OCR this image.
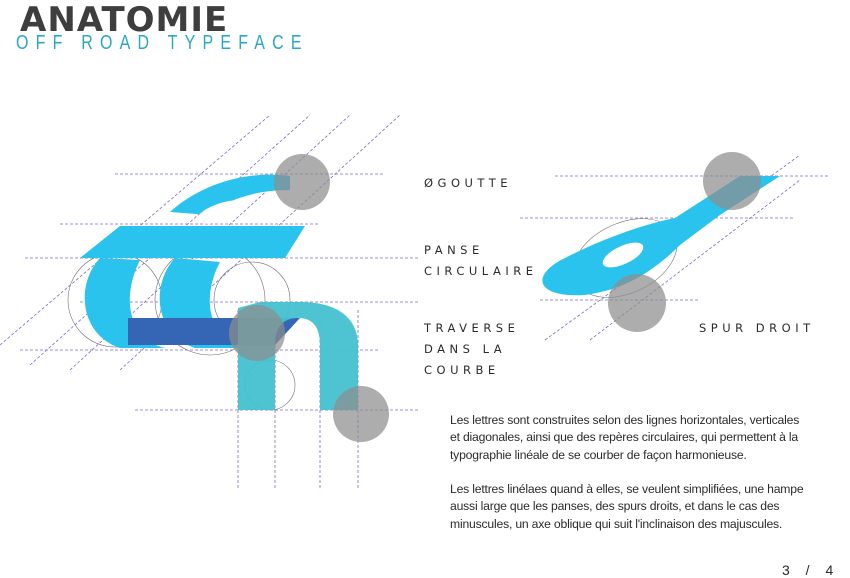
ANATOMIE
OFF ROAD TYPEFACE
ØGOUTTE
PANSE
CIRCULAIRE
TRAVERSE
DANS LA
COURBE
SPUR DROIT
Les lettres sont construites selon des lignes horizontales, verticales et diagonales, ainsi que des repères circulaires, qui permettent à la typographie linéale de se courber de façon harmonieuse.
Les lettres linélaes quand à elles, se veulent simplifiées, une hampe aussi large que les panses, des spurs droits, et dans le cas des minuscules, un axe oblique qui suit l'inclinaison des majuscules.
3 / 4
